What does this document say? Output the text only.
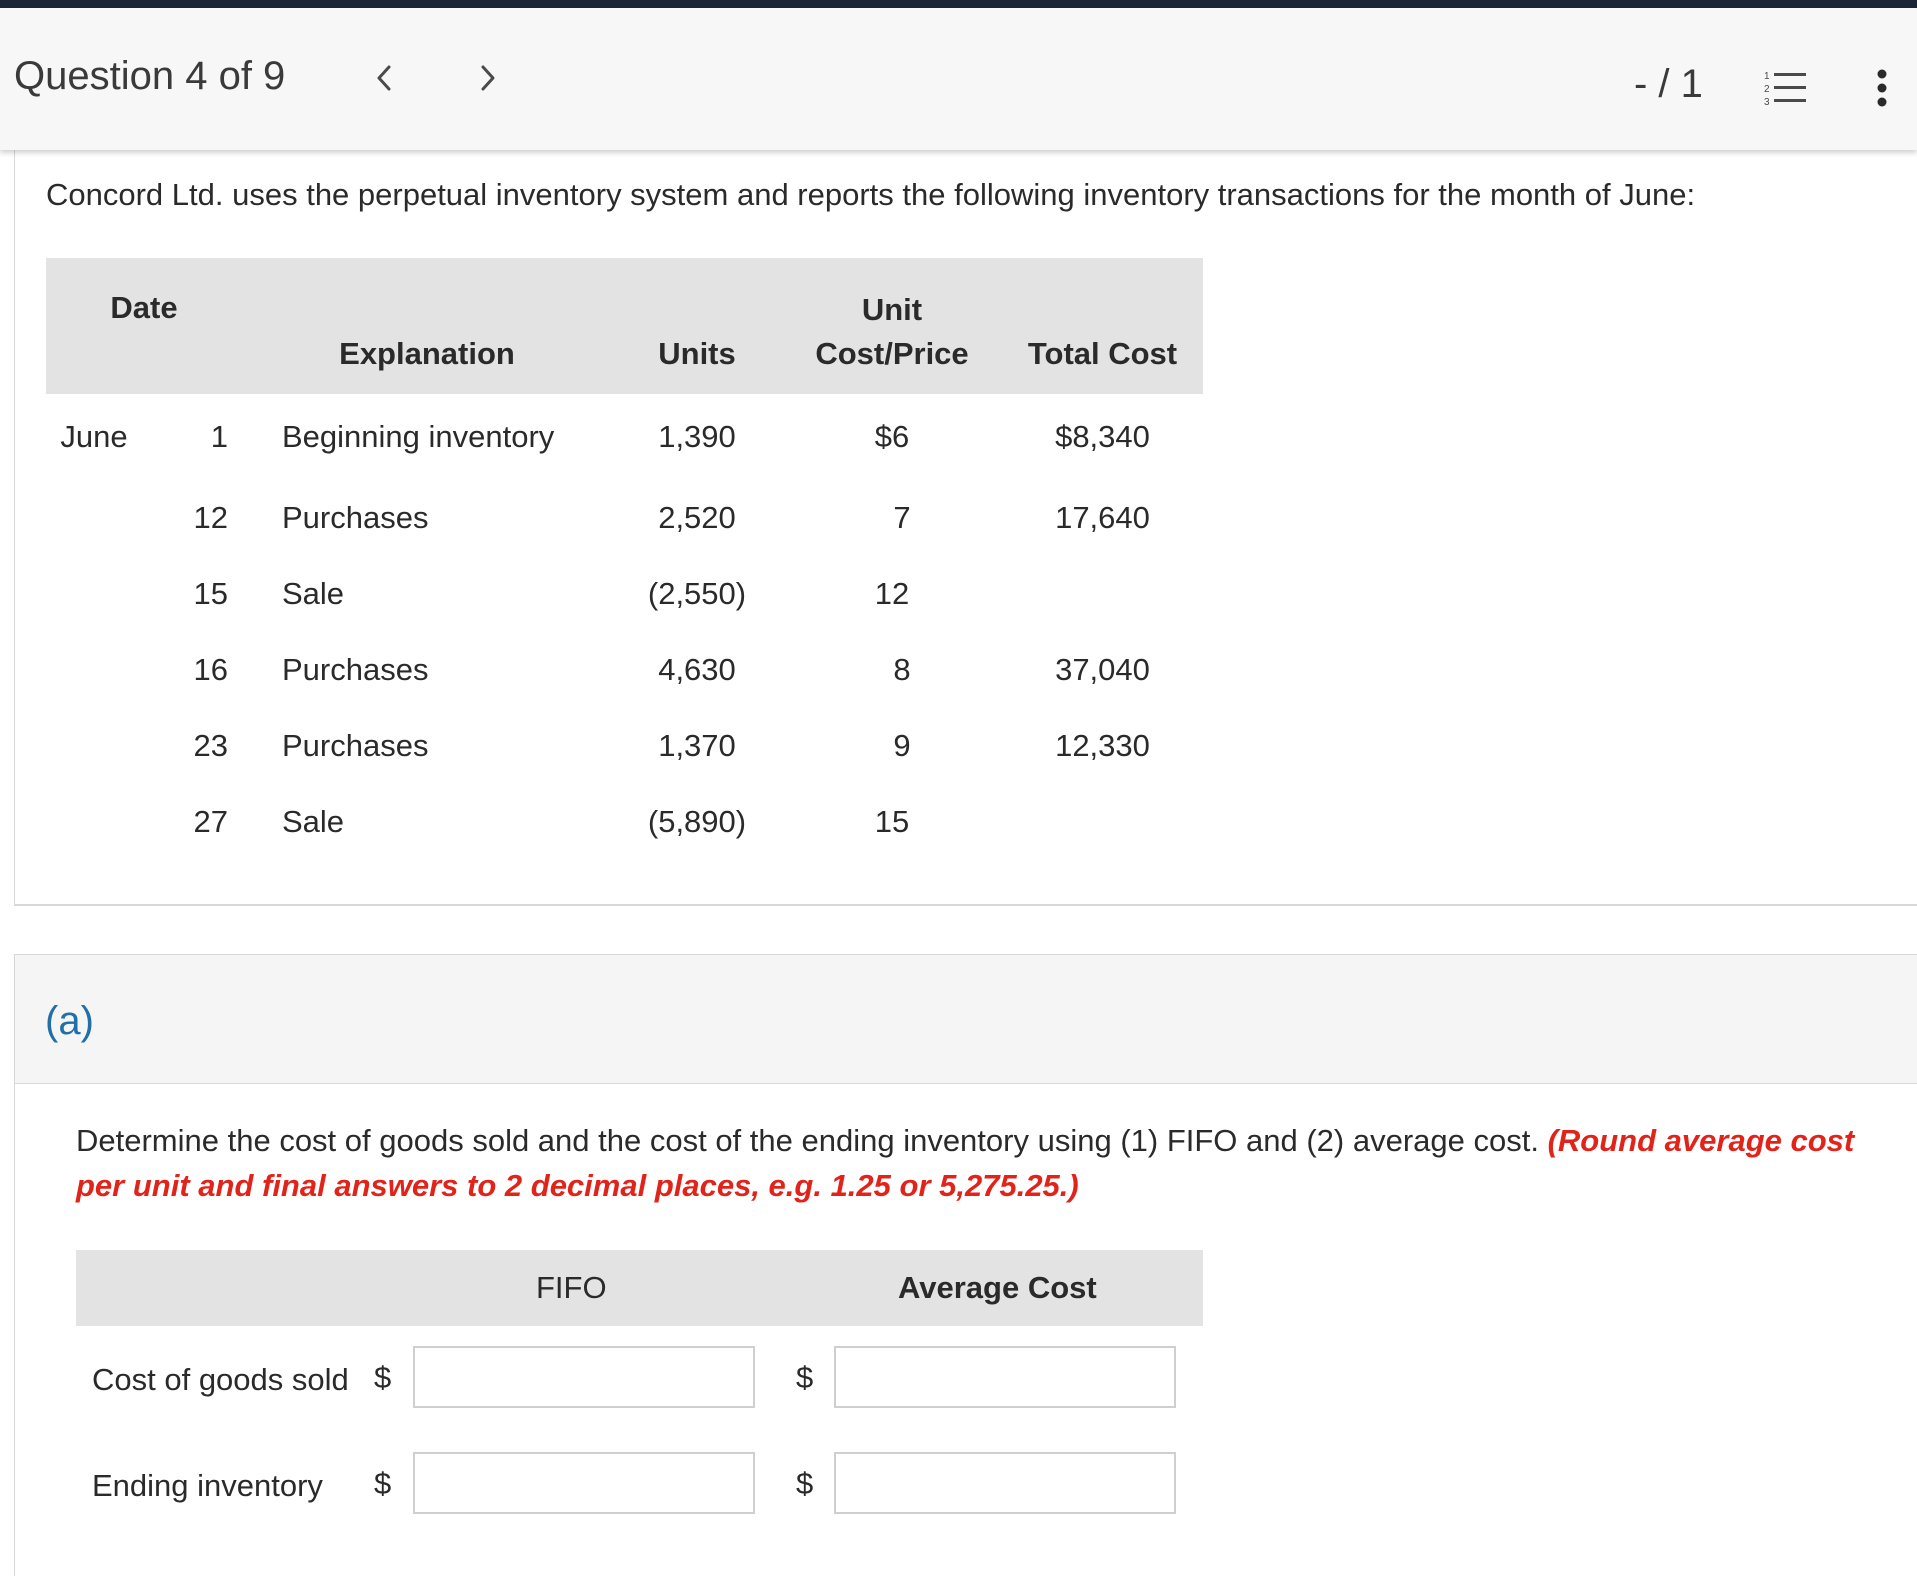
Question 4 of 9	- / 1	1
2
3
Concord Ltd. uses the perpetual inventory system and reports the following inventory transactions for the month of June:
Date		Explanation	Units	Unit
Cost/Price	Total Cost
June	1	Beginning inventory	1,390	$6	$8,340
	12	Purchases	2,520	7	17,640
	15	Sale	(2,550)	12	
	16	Purchases	4,630	8	37,040
	23	Purchases	1,370	9	12,330
	27	Sale	(5,890)	15	
(a)
Determine the cost of goods sold and the cost of the ending inventory using (1) FIFO and (2) average cost. (Round average cost per unit and final answers to 2 decimal places, e.g. 1.25 or 5,275.25.)
FIFO	Average Cost
Cost of goods sold $	$
Ending inventory $	$
